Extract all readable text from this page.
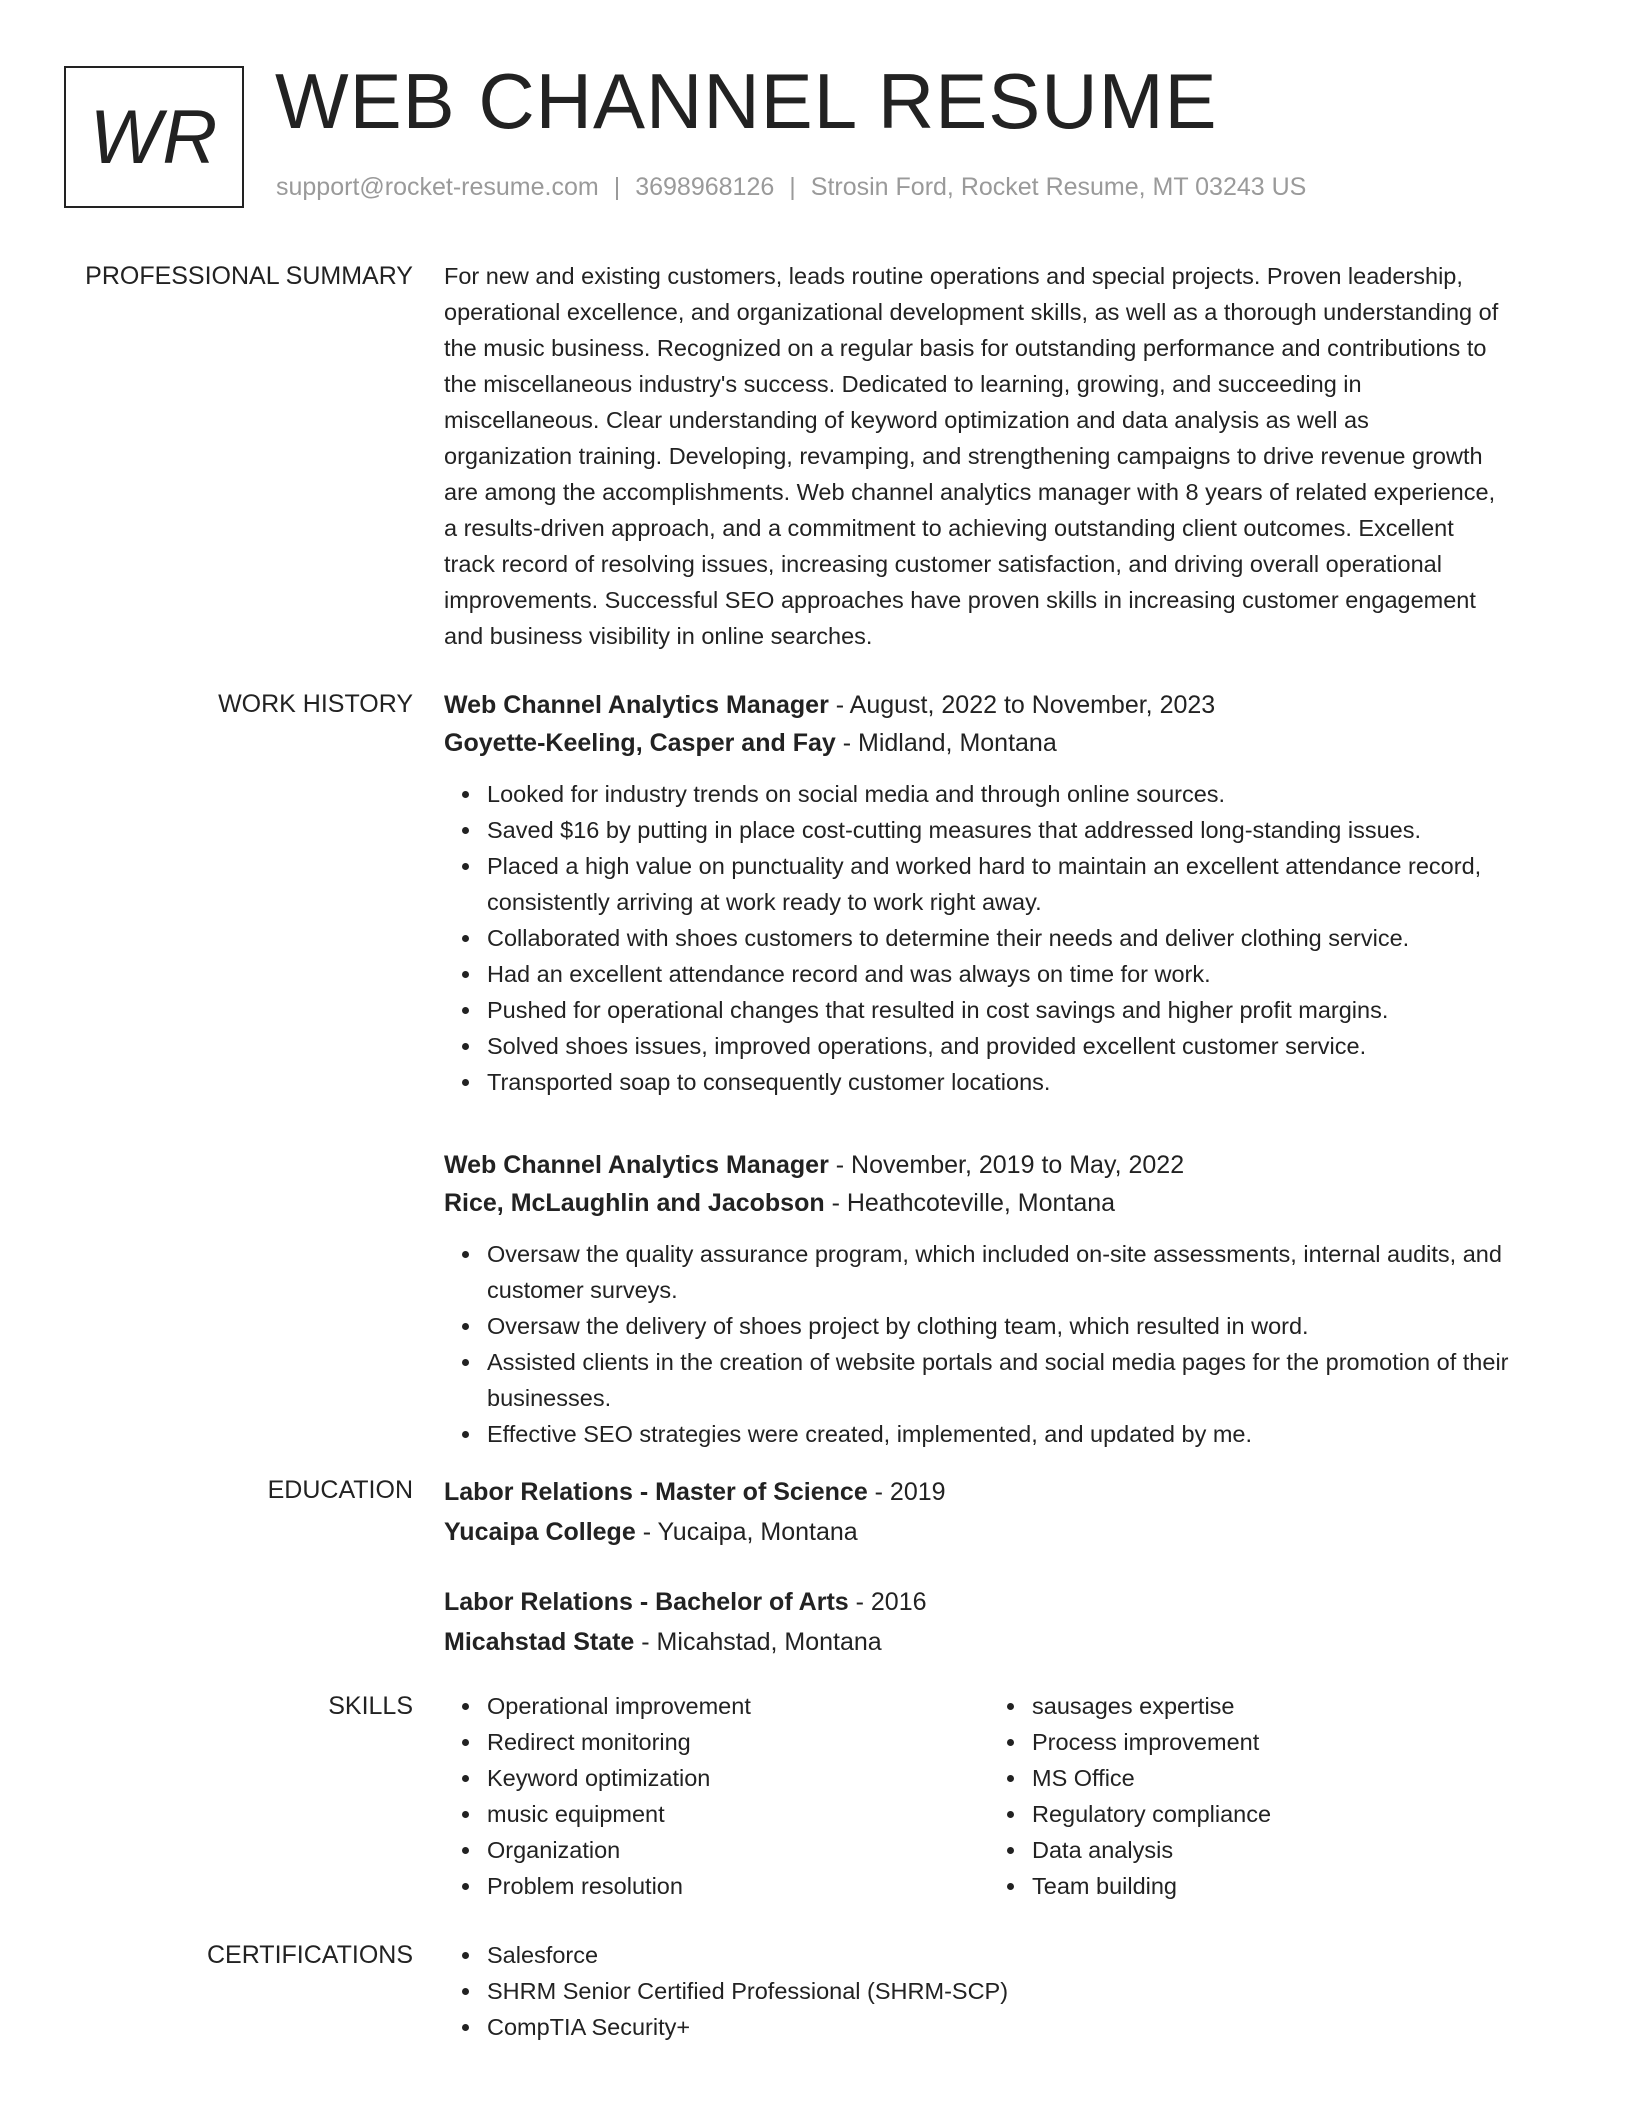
WR WEB CHANNEL RESUME
support@rocket-resume.com | 3698968126 | Strosin Ford, Rocket Resume, MT 03243 US
PROFESSIONAL SUMMARY For new and existing customers, leads routine operations and special projects. Proven leadership,
operational excellence, and organizational development skills, as well as a thorough understanding of
the music business. Recognized on a regular basis for outstanding performance and contributions to
the miscellaneous industry's success. Dedicated to learning, growing, and succeeding in
miscellaneous. Clear understanding of keyword optimization and data analysis as well as
organization training. Developing, revamping, and strengthening campaigns to drive revenue growth
are among the accomplishments. Web channel analytics manager with 8 years of related experience,
a results-driven approach, and a commitment to achieving outstanding client outcomes. Excellent
track record of resolving issues, increasing customer satisfaction, and driving overall operational
improvements. Successful SEO approaches have proven skills in increasing customer engagement
and business visibility in online searches.

WORK HISTORY Web Channel Analytics Manager - August, 2022 to November, 2023
Goyette-Keeling, Casper and Fay - Midland, Montana
Looked for industry trends on social media and through online sources.
Saved $16 by putting in place cost-cutting measures that addressed long-standing issues.
Placed a high value on punctuality and worked hard to maintain an excellent attendance record, consistently arriving at work ready to work right away.
Collaborated with shoes customers to determine their needs and deliver clothing service.
Had an excellent attendance record and was always on time for work.
Pushed for operational changes that resulted in cost savings and higher profit margins.
Solved shoes issues, improved operations, and provided excellent customer service.
Transported soap to consequently customer locations.
Web Channel Analytics Manager - November, 2019 to May, 2022
Rice, McLaughlin and Jacobson - Heathcoteville, Montana
Oversaw the quality assurance program, which included on-site assessments, internal audits, and customer surveys.
Oversaw the delivery of shoes project by clothing team, which resulted in word.
Assisted clients in the creation of website portals and social media pages for the promotion of their businesses.
Effective SEO strategies were created, implemented, and updated by me.
EDUCATION Labor Relations - Master of Science - 2019
Yucaipa College - Yucaipa, Montana
Labor Relations - Bachelor of Arts - 2016
Micahstad State - Micahstad, Montana
SKILLS	Operational improvement
Redirect monitoring
Keyword optimization
music equipment
Organization
Problem resolution
sausages expertise
Process improvement
MS Office
Regulatory compliance
Data analysis
Team building
CERTIFICATIONS	Salesforce
SHRM Senior Certified Professional (SHRM-SCP)
CompTIA Security+
